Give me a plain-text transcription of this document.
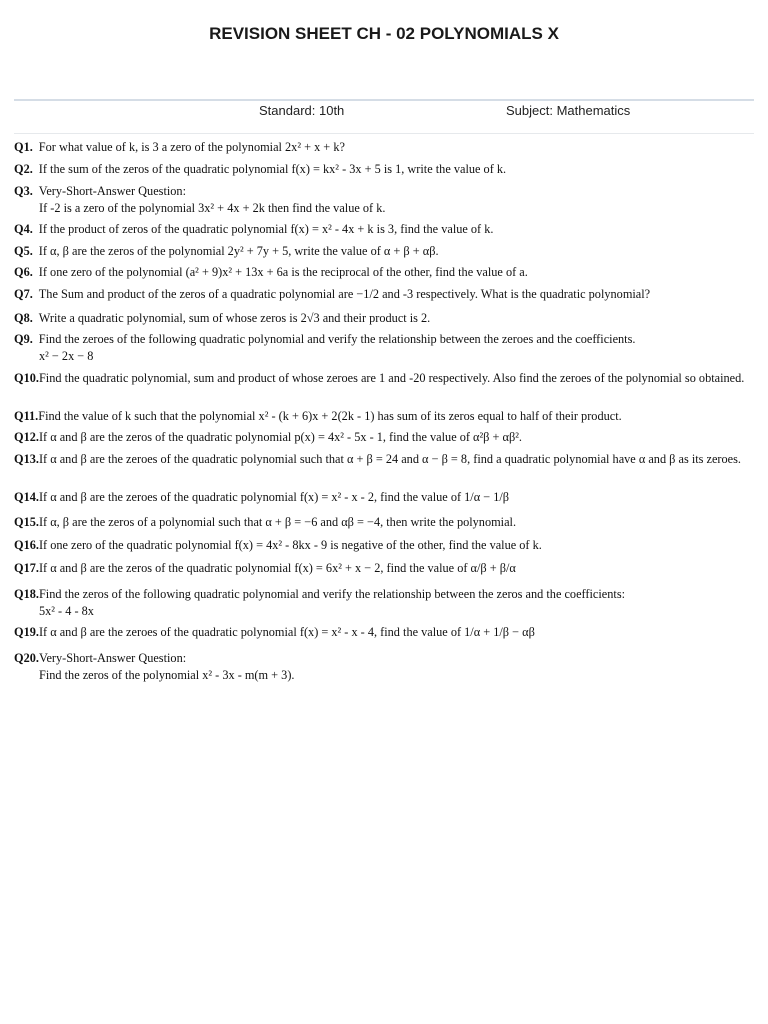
REVISION SHEET CH - 02 POLYNOMIALS X
Standard: 10th	Subject: Mathematics
Q1. For what value of k, is 3 a zero of the polynomial 2x² + x + k?
Q2. If the sum of the zeros of the quadratic polynomial f(x) = kx² - 3x + 5 is 1, write the value of k.
Q3. Very-Short-Answer Question:
If -2 is a zero of the polynomial 3x² + 4x + 2k then find the value of k.
Q4. If the product of zeros of the quadratic polynomial f(x) = x² - 4x + k is 3, find the value of k.
Q5. If α, β are the zeros of the polynomial 2y² + 7y + 5, write the value of α + β + αβ.
Q6. If one zero of the polynomial (a² + 9)x² + 13x + 6a is the reciprocal of the other, find the value of a.
Q7. The Sum and product of the zeros of a quadratic polynomial are −1/2 and -3 respectively. What is the quadratic polynomial?
Q8. Write a quadratic polynomial, sum of whose zeros is 2√3 and their product is 2.
Q9. Find the zeroes of the following quadratic polynomial and verify the relationship between the zeroes and the coefficients.
x² − 2x − 8
Q10.Find the quadratic polynomial, sum and product of whose zeroes are 1 and -20 respectively. Also find the zeroes of the polynomial so obtained.
Q11.Find the value of k such that the polynomial x² - (k + 6)x + 2(2k - 1) has sum of its zeros equal to half of their product.
Q12.If α and β are the zeros of the quadratic polynomial p(x) = 4x² - 5x - 1, find the value of α²β + αβ².
Q13.If α and β are the zeroes of the quadratic polynomial such that α + β = 24 and α − β = 8, find a quadratic polynomial have α and β as its zeroes.
Q14.If α and β are the zeroes of the quadratic polynomial f(x) = x² - x - 2, find the value of 1/α − 1/β
Q15.If α, β are the zeros of a polynomial such that α + β = −6 and αβ = −4, then write the polynomial.
Q16.If one zero of the quadratic polynomial f(x) = 4x² - 8kx - 9 is negative of the other, find the value of k.
Q17.If α and β are the zeros of the quadratic polynomial f(x) = 6x² + x − 2, find the value of α/β + β/α
Q18.Find the zeros of the following quadratic polynomial and verify the relationship between the zeros and the coefficients:
5x² - 4 - 8x
Q19.If α and β are the zeroes of the quadratic polynomial f(x) = x² - x - 4, find the value of 1/α + 1/β − αβ
Q20.Very-Short-Answer Question:
Find the zeros of the polynomial x² - 3x - m(m + 3).
